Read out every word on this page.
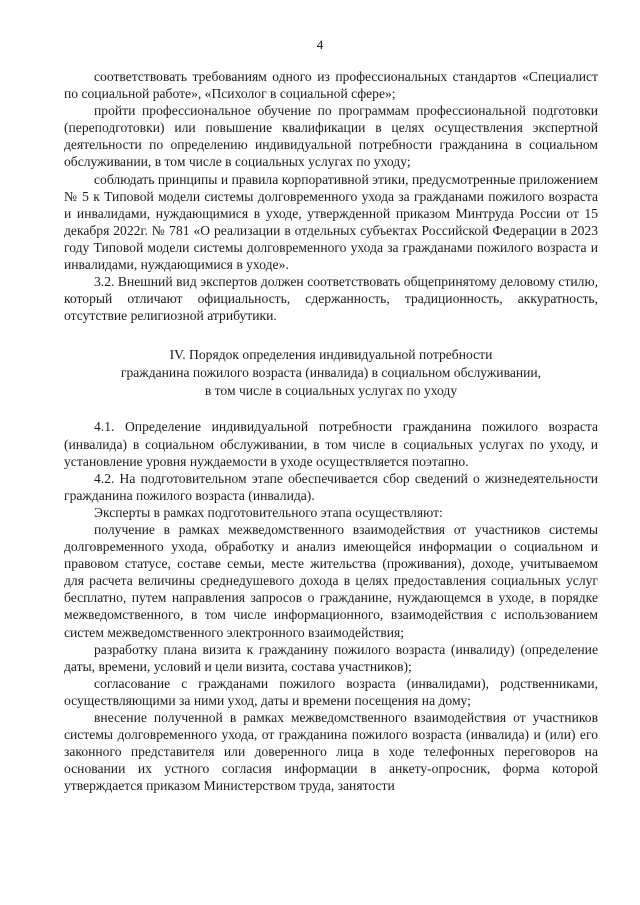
4

соответствовать требованиям одного из профессиональных стандартов «Специалист по социальной работе», «Психолог в социальной сфере»;

пройти профессиональное обучение по программам профессиональной подготовки (переподготовки) или повышение квалификации в целях осуществления экспертной деятельности по определению индивидуальной потребности гражданина в социальном обслуживании, в том числе в социальных услугах по уходу;

соблюдать принципы и правила корпоративной этики, предусмотренные приложением № 5 к Типовой модели системы долговременного ухода за гражданами пожилого возраста и инвалидами, нуждающимися в уходе, утвержденной приказом Минтруда России от 15 декабря 2022г. № 781 «О реализации в отдельных субъектах Российской Федерации в 2023 году Типовой модели системы долговременного ухода за гражданами пожилого возраста и инвалидами, нуждающимися в уходе».

3.2. Внешний вид экспертов должен соответствовать общепринятому деловому стилю, который отличают официальность, сдержанность, традиционность, аккуратность, отсутствие религиозной атрибутики.

IV. Порядок определения индивидуальной потребности
гражданина пожилого возраста (инвалида) в социальном обслуживании,
в том числе в социальных услугах по уходу

4.1. Определение индивидуальной потребности гражданина пожилого возраста (инвалида) в социальном обслуживании, в том числе в социальных услугах по уходу, и установление уровня нуждаемости в уходе осуществляется поэтапно.

4.2. На подготовительном этапе обеспечивается сбор сведений о жизнедеятельности гражданина пожилого возраста (инвалида).

Эксперты в рамках подготовительного этапа осуществляют:

получение в рамках межведомственного взаимодействия от участников системы долговременного ухода, обработку и анализ имеющейся информации о социальном и правовом статусе, составе семьи, месте жительства (проживания), доходе, учитываемом для расчета величины среднедушевого дохода в целях предоставления социальных услуг бесплатно, путем направления запросов о гражданине, нуждающемся в уходе, в порядке межведомственного, в том числе информационного, взаимодействия с использованием систем межведомственного электронного взаимодействия;

разработку плана визита к гражданину пожилого возраста (инвалиду) (определение даты, времени, условий и цели визита, состава участников);

согласование с гражданами пожилого возраста (инвалидами), родственниками, осуществляющими за ними уход, даты и времени посещения на дому;

внесение полученной в рамках межведомственного взаимодействия от участников системы долговременного ухода, от гражданина пожилого возраста (инвалида) и (или) его законного представителя или доверенного лица в ходе телефонных переговоров на основании их устного согласия информации в анкету-опросник, форма которой утверждается приказом Министерством труда, занятости
